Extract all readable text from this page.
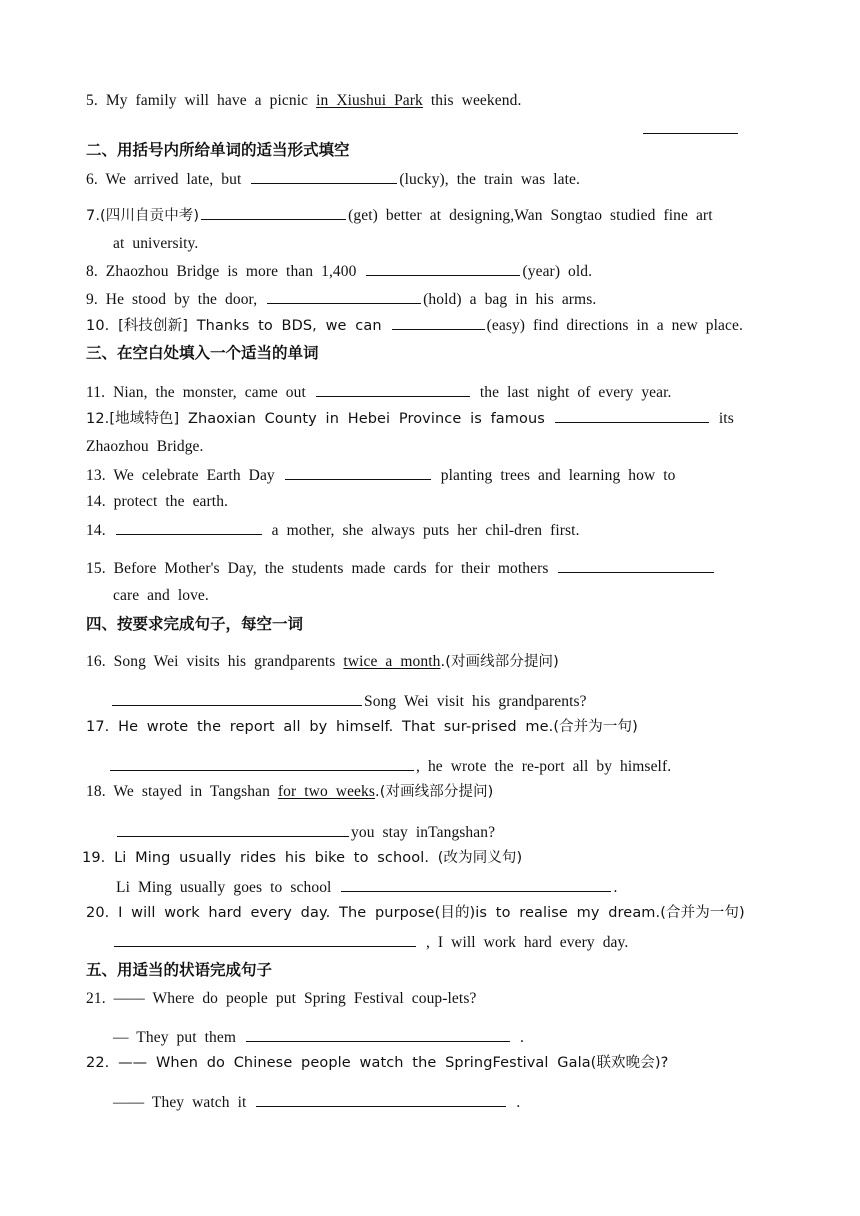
5. My family will have a picnic in Xiushui Park this weekend.
二、用括号内所给单词的适当形式填空
6. We arrived late, but	(lucky), the train was late.
7.(四川自贡中考)	(get) better at designing,Wan Songtao studied fine art
at university.
8. Zhaozhou Bridge is more than 1,400	(year) old.
9. He stood by the door,	(hold) a bag in his arms.
10. [科技创新] Thanks to BDS, we can	(easy) find directions in a new place.
三、在空白处填入一个适当的单词
11. Nian, the monster, came out	the last night of every year.
12.[地域特色] Zhaoxian County in Hebei Province is famous	its
Zhaozhou Bridge.
13. We celebrate Earth Day	planting trees and learning how to
14. protect the earth.
14.	a mother, she always puts her chil-dren first.
15. Before Mother's Day, the students made cards for their mothers
care and love.
四、按要求完成句子，每空一词
16. Song Wei visits his grandparents twice a month.(对画线部分提问)
Song Wei visit his grandparents?
17. He wrote the report all by himself. That sur-prised me.(合并为一句)
, he wrote the re-port all by himself.
18. We stayed in Tangshan for two weeks.(对画线部分提问)
you stay inTangshan?
19. Li Ming usually rides his bike to school. (改为同义句)
Li Ming usually goes to school	.
20. I will work hard every day. The purpose(目的)is to realise my dream.(合并为一句)
, I will work hard every day.
五、用适当的状语完成句子
21. —— Where do people put Spring Festival coup-lets?
— They put them	.
22. —— When do Chinese people watch the SpringFestival Gala(联欢晚会)?
—— They watch it	.
